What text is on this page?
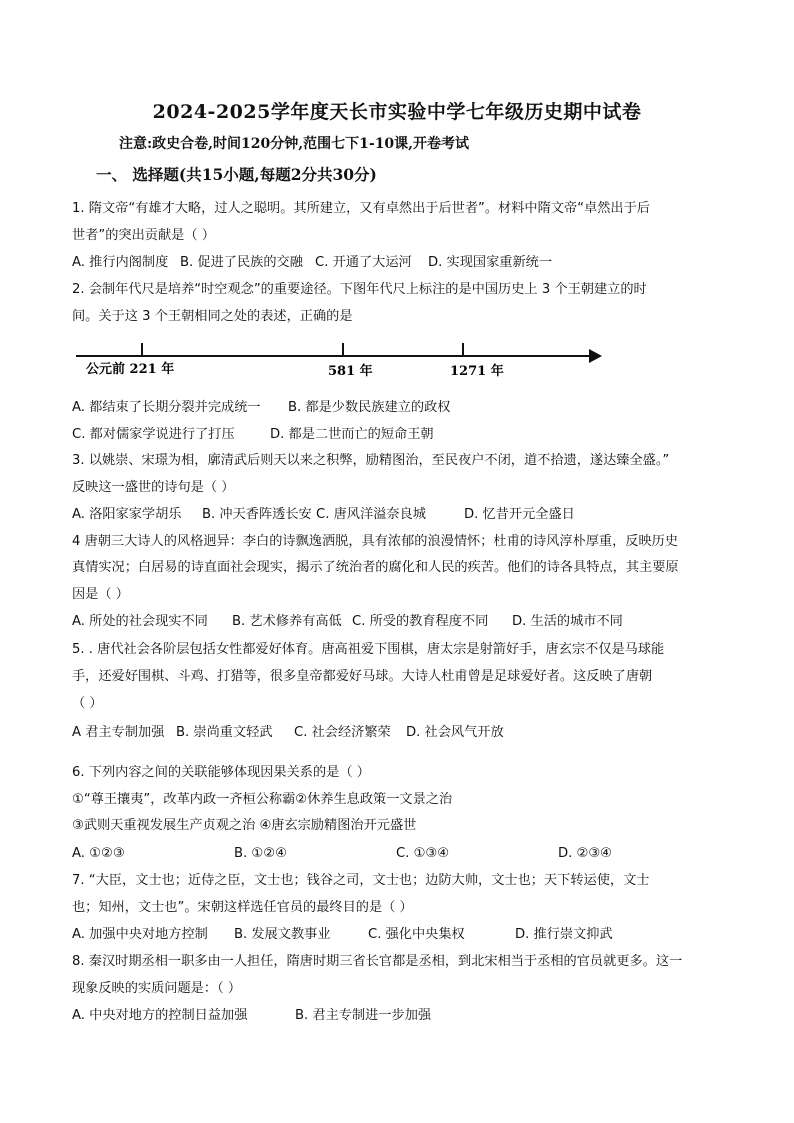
2024-2025学年度天长市实验中学七年级历史期中试卷
注意:政史合卷,时间120分钟,范围七下1-10课,开卷考试
一、 选择题(共15小题,每题2分共30分)
1. 隋文帝“有雄才大略，过人之聪明。其所建立，又有卓然出于后世者”。材料中隋文帝“卓然出于后
世者”的突出贡献是（ ）
A. 推行内阁制度 B. 促进了民族的交融 C. 开通了大运河 D. 实现国家重新统一
2. 会制年代尺是培养“时空观念”的重要途径。下图年代尺上标注的是中国历史上 3 个王朝建立的时
间。关于这 3 个王朝相同之处的表述，正确的是
公元前 221 年	581 年	1271 年
A. 都结束了长期分裂并完成统一 B. 都是少数民族建立的政权
C. 都对儒家学说进行了打压	D. 都是二世而亡的短命王朝
3. 以姚崇、宋璟为相，廓清武后则天以来之积弊，励精图治，至民夜户不闭，道不拾遗，遂达臻全盛。”
反映这一盛世的诗句是（ ）
A. 洛阳家家学胡乐 B. 冲天香阵透长安 C. 唐风洋溢奈良城	D. 忆昔开元全盛日
4 唐朝三大诗人的风格迥异：李白的诗飘逸洒脱，具有浓郁的浪漫情怀；杜甫的诗风淳朴厚重，反映历史
真情实况；白居易的诗直面社会现实，揭示了统治者的腐化和人民的疾苦。他们的诗各具特点，其主要原
因是（ ）
A. 所处的社会现实不同 B. 艺术修养有高低 C. 所受的教育程度不同 D. 生活的城市不同
5. . 唐代社会各阶层包括女性都爱好体育。唐高祖爱下围棋，唐太宗是射箭好手，唐玄宗不仅是马球能
手，还爱好围棋、斗鸡、打猎等，很多皇帝都爱好马球。大诗人杜甫曾是足球爱好者。这反映了唐朝
（ ）
A 君主专制加强 B. 崇尚重文轻武 C. 社会经济繁荣 D. 社会风气开放
6. 下列内容之间的关联能够体现因果关系的是（ ）
①“尊王攘夷”，改革内政一齐桓公称霸②休养生息政策一文景之治
③武则天重视发展生产贞观之治 ④唐玄宗励精图治开元盛世
A. ①②③	B. ①②④	C. ①③④	D. ②③④
7. “大臣，文士也；近侍之臣，文士也；钱谷之司，文士也；边防大帅，文士也；天下转运使，文士
也；知州，文士也”。宋朝这样选任官员的最终目的是（ ）
A. 加强中央对地方控制 B. 发展文教事业	C. 强化中央集权	D. 推行崇文抑武
8. 秦汉时期丞相一职多由一人担任，隋唐时期三省长官都是丞相，到北宋相当于丞相的官员就更多。这一
现象反映的实质问题是：（ ）
A. 中央对地方的控制日益加强	B. 君主专制进一步加强
